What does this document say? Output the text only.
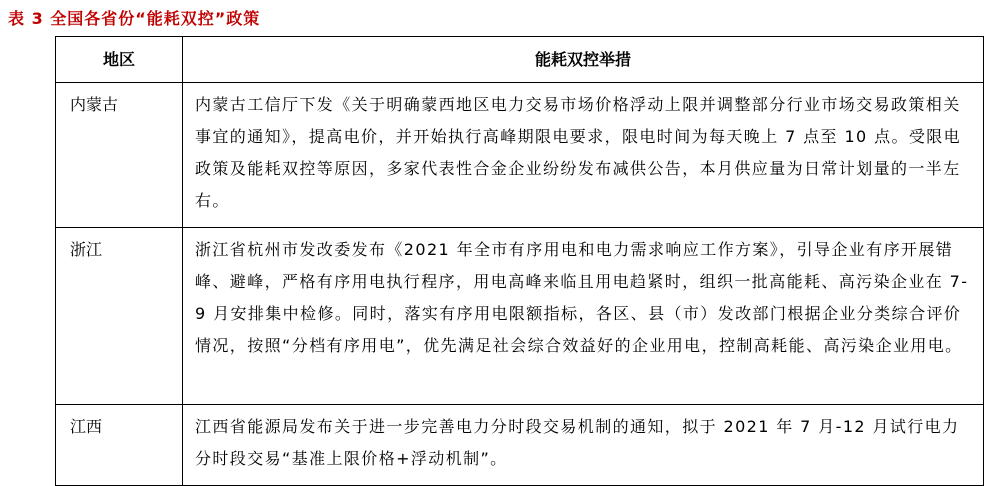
表 3 全国各省份“能耗双控”政策
地区	能耗双控举措
内蒙古	内蒙古工信厅下发《关于明确蒙西地区电力交易市场价格浮动上限并调整部分行业市场交易政策相关事宜的通知》，提高电价，并开始执行高峰期限电要求，限电时间为每天晚上 7 点至 10 点。受限电政策及能耗双控等原因，多家代表性合金企业纷纷发布减供公告，本月供应量为日常计划量的一半左右。
浙江	浙江省杭州市发改委发布《2021 年全市有序用电和电力需求响应工作方案》，引导企业有序开展错峰、避峰，严格有序用电执行程序，用电高峰来临且用电趋紧时，组织一批高能耗、高污染企业在 7-9 月安排集中检修。同时，落实有序用电限额指标，各区、县（市）发改部门根据企业分类综合评价情况，按照“分档有序用电”，优先满足社会综合效益好的企业用电，控制高耗能、高污染企业用电。
江西	江西省能源局发布关于进一步完善电力分时段交易机制的通知，拟于 2021 年 7 月-12 月试行电力分时段交易“基准上限价格+浮动机制”。
